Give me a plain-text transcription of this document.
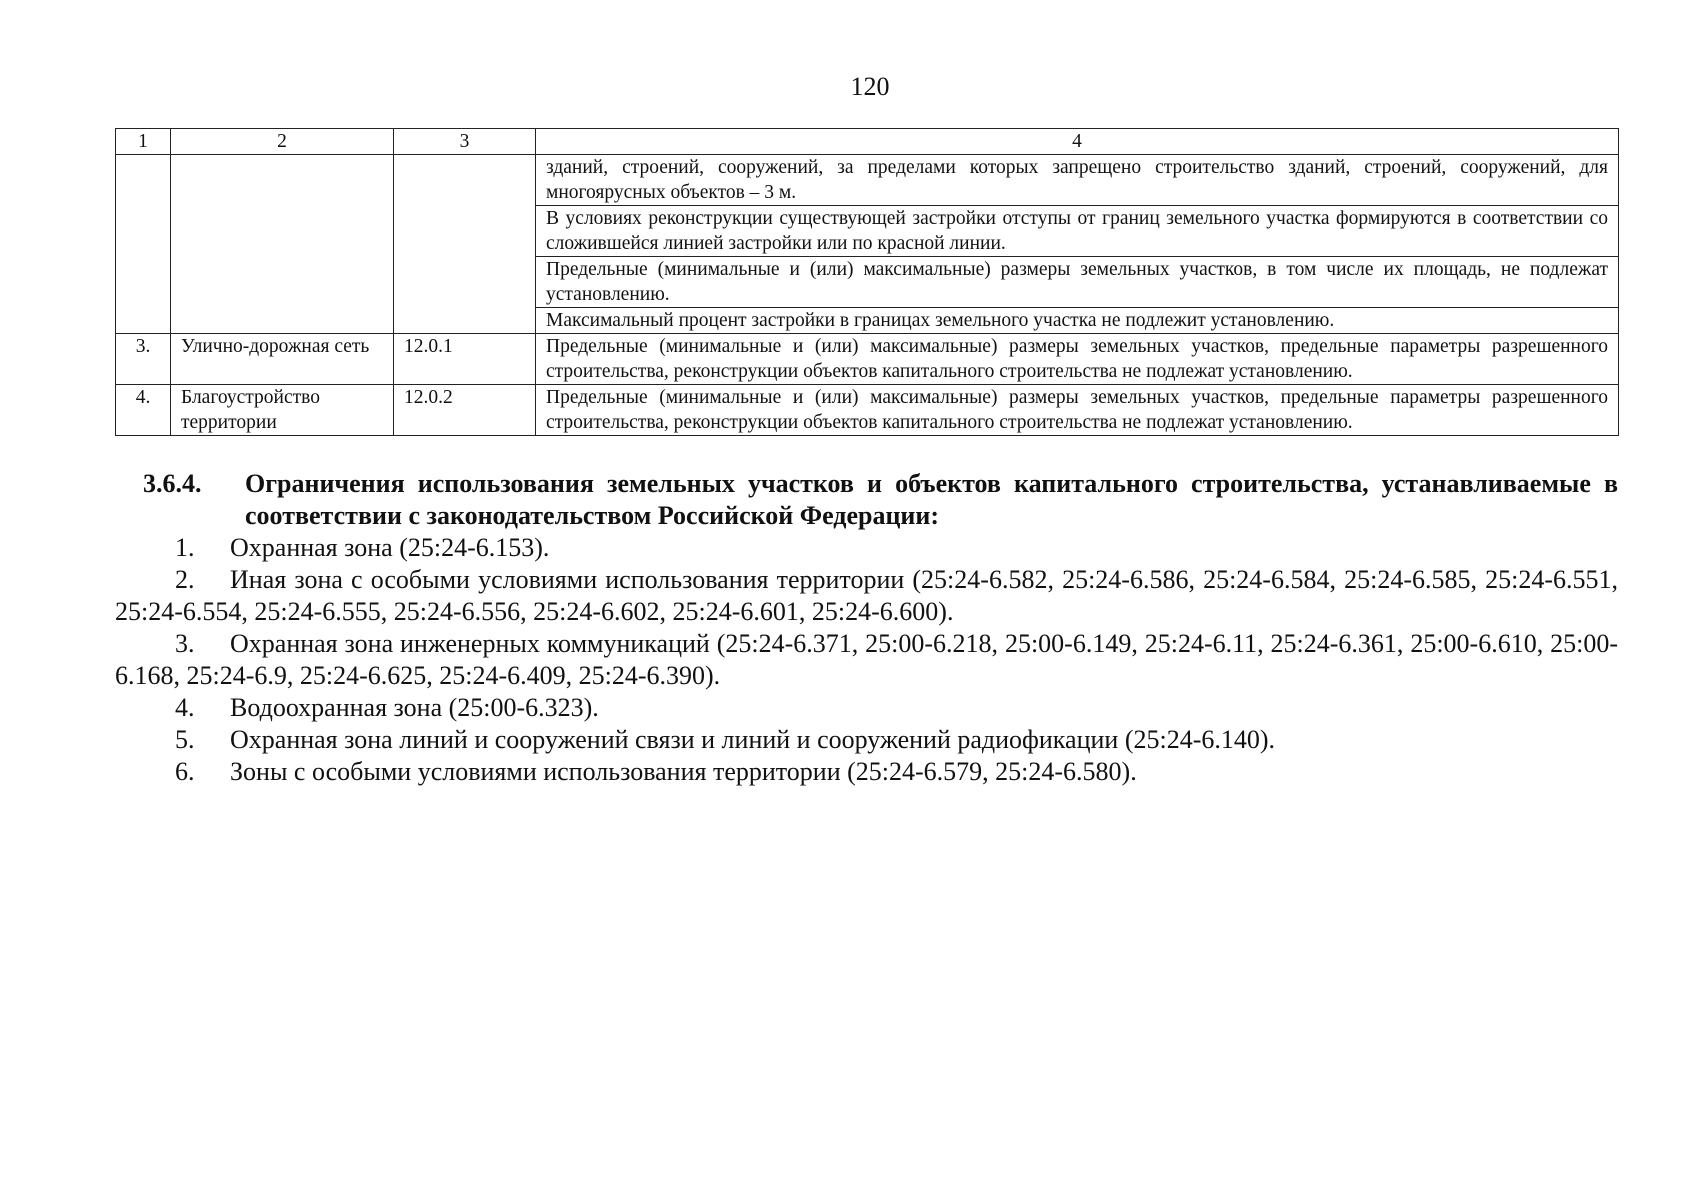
120
1	2	3	4
			зданий, строений, сооружений, за пределами которых запрещено строительство зданий, строений, сооружений, для многоярусных объектов – 3 м.
			В условиях реконструкции существующей застройки отступы от границ земельного участка формируются в соответствии со сложившейся линией застройки или по красной линии.
			Предельные (минимальные и (или) максимальные) размеры земельных участков, в том числе их площадь, не подлежат установлению.
			Максимальный процент застройки в границах земельного участка не подлежит установлению.
3.	Улично-дорожная сеть	12.0.1	Предельные (минимальные и (или) максимальные) размеры земельных участков, предельные параметры разрешенного строительства, реконструкции объектов капитального строительства не подлежат установлению.
4.	Благоустройство территории	12.0.2	Предельные (минимальные и (или) максимальные) размеры земельных участков, предельные параметры разрешенного строительства, реконструкции объектов капитального строительства не подлежат установлению.
3.6.4.	Ограничения использования земельных участков и объектов капитального строительства, устанавливаемые в соответствии с законодательством Российской Федерации:
1. Охранная зона (25:24-6.153).
2. Иная зона с особыми условиями использования территории (25:24-6.582, 25:24-6.586, 25:24-6.584, 25:24-6.585, 25:24-6.551, 25:24-6.554, 25:24-6.555, 25:24-6.556, 25:24-6.602, 25:24-6.601, 25:24-6.600).
3. Охранная зона инженерных коммуникаций (25:24-6.371, 25:00-6.218, 25:00-6.149, 25:24-6.11, 25:24-6.361, 25:00-6.610, 25:00-6.168, 25:24-6.9, 25:24-6.625, 25:24-6.409, 25:24-6.390).
4. Водоохранная зона (25:00-6.323).
5. Охранная зона линий и сооружений связи и линий и сооружений радиофикации (25:24-6.140).
6. Зоны с особыми условиями использования территории (25:24-6.579, 25:24-6.580).
